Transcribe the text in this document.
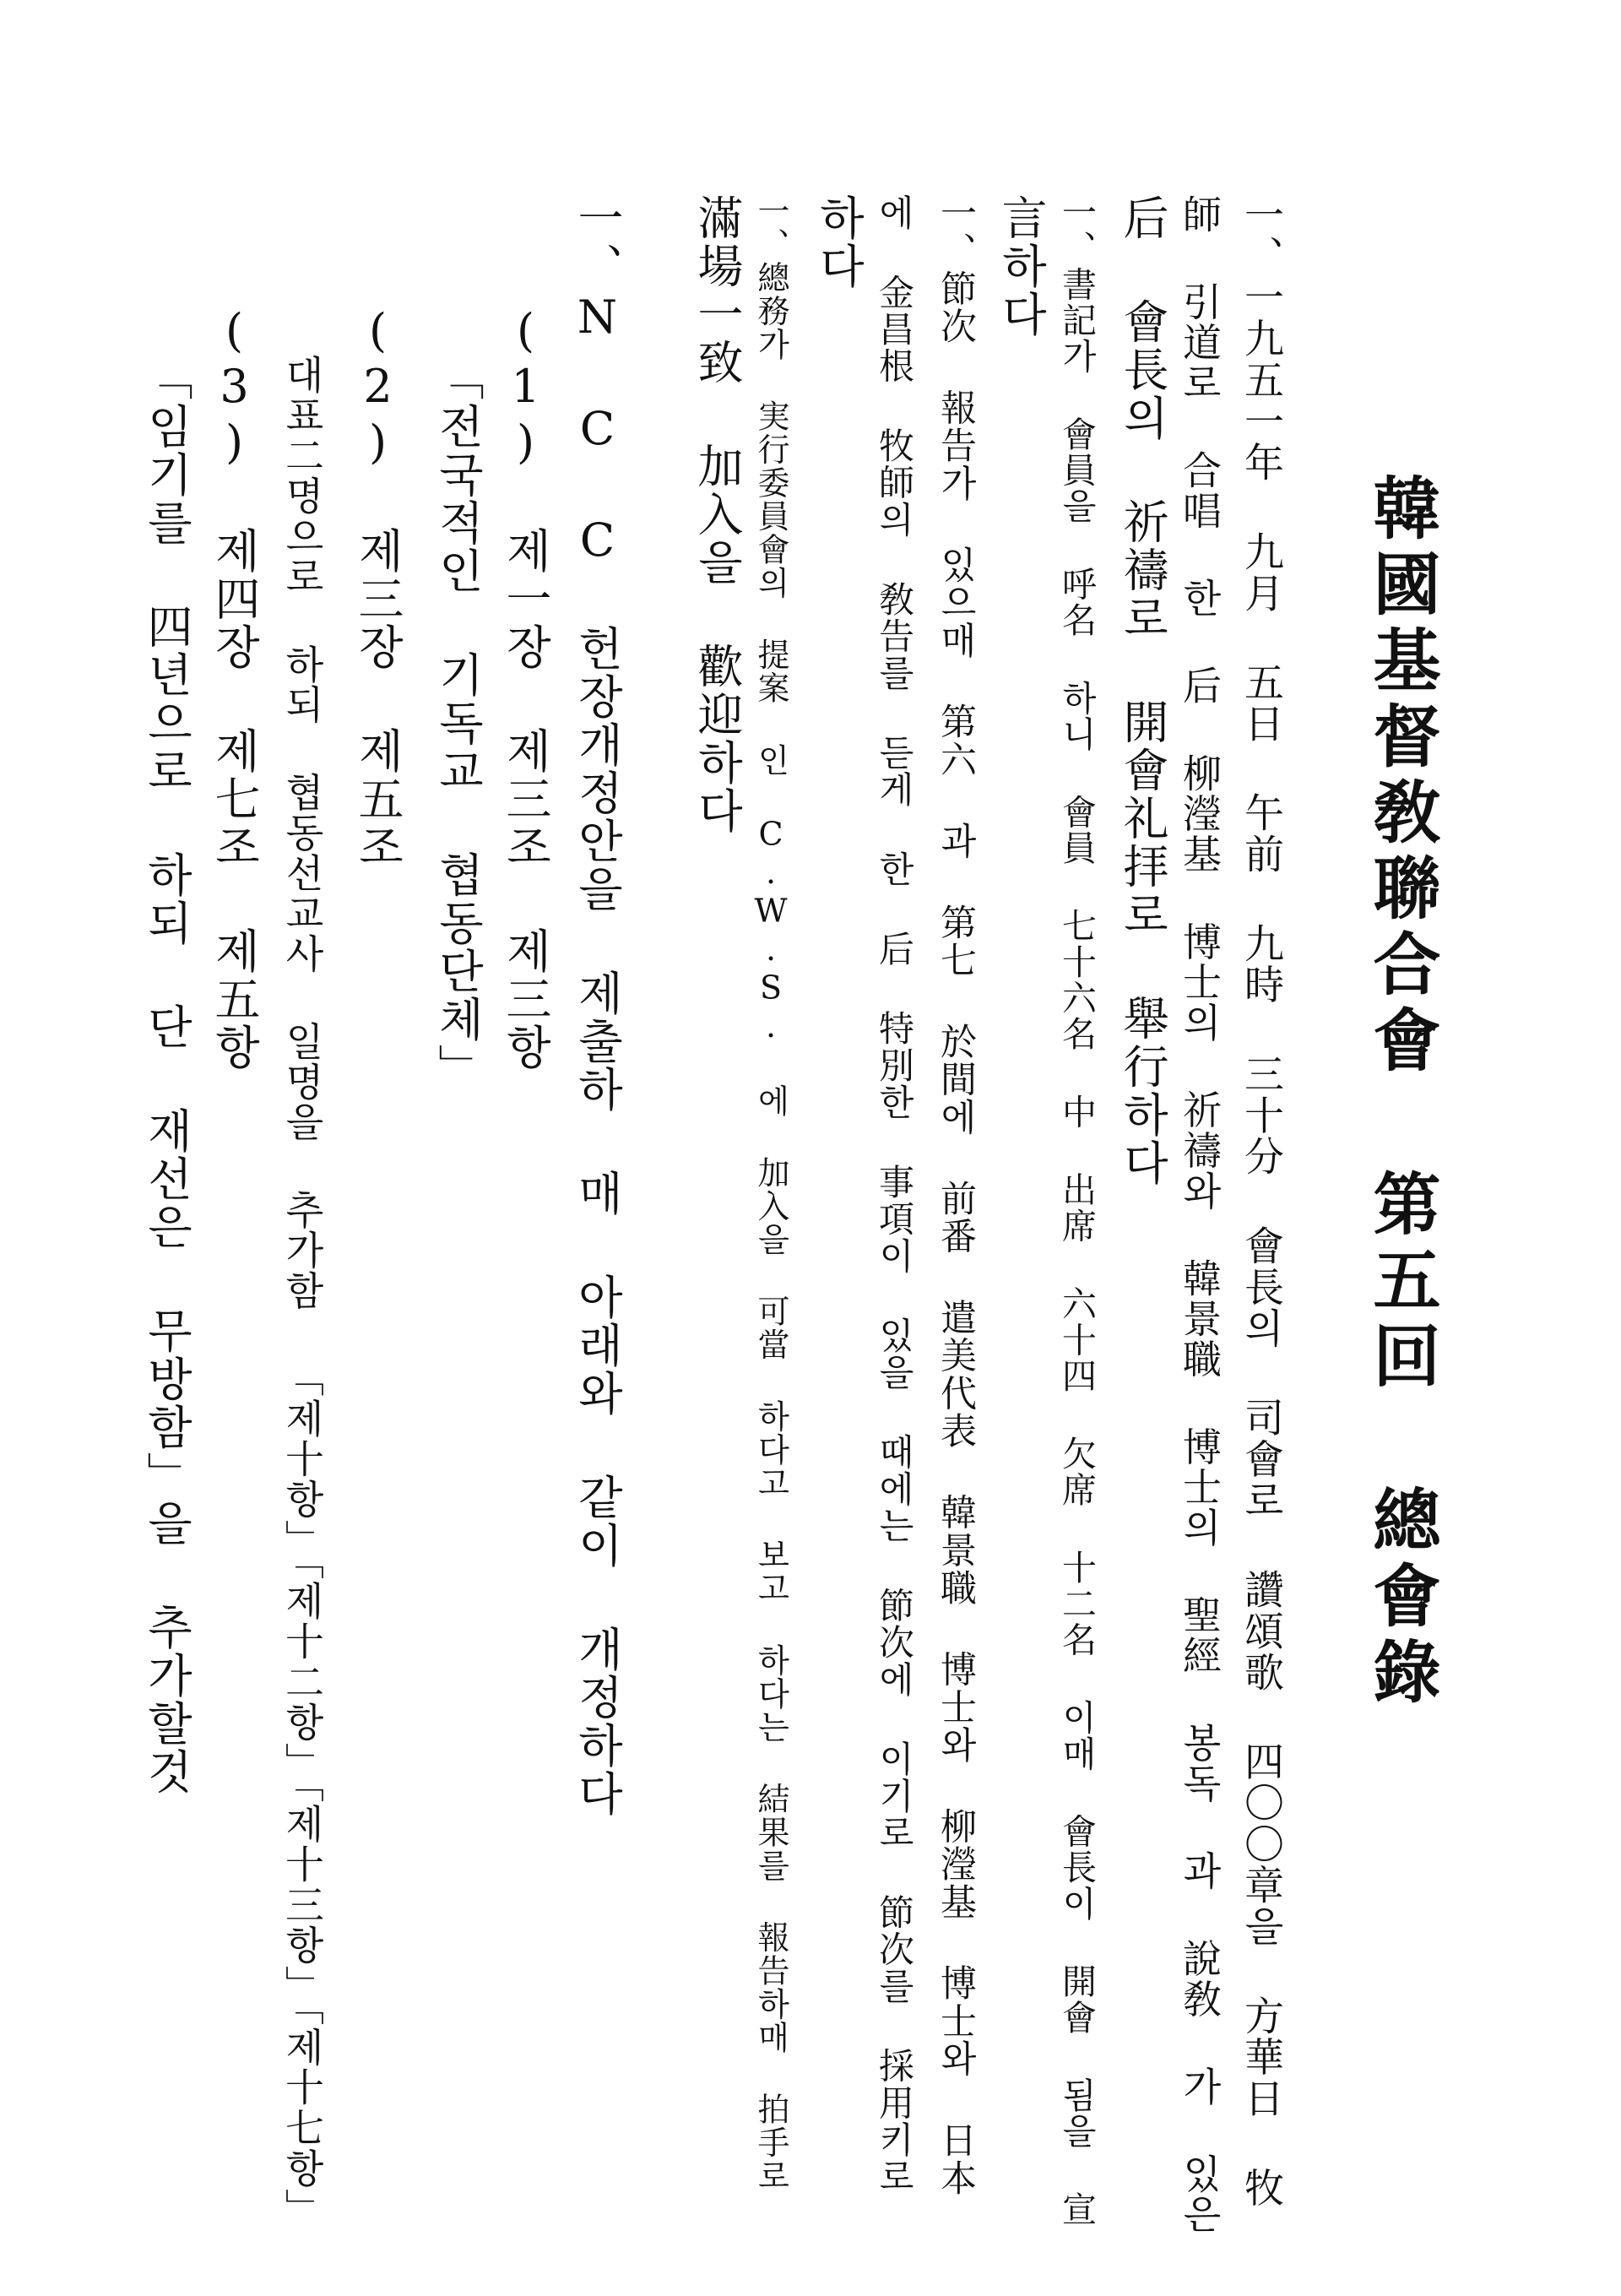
韓國基督敎聯合會 第五回 總會錄
一、一九五一年 九月 五日 午前 九時 三十分 會長의 司會로 讚頌歌 四〇〇章을 方華日 牧
師 引道로 合唱 한 后 柳瀅基 博士의 祈禱와 韓景職 博士의 聖經 봉독 과 說敎 가 있은
后 會長의 祈禱로 開會礼拝로 舉行하다
一、書記가 會員을 呼名 하니 會員 七十六名 中 出席 六十四 欠席 十二名 이매 會長이 開會 됨을 宣
言하다
一、節次 報告가 있으매 第六 과 第七 於間에 前番 遣美代表 韓景職 博士와 柳瀅基 博士와 日本
에 金昌根 牧師의 敎告를 듣게 한 后 特別한 事項이 있을 때에는 節次에 이기로 節次를 採用키로
하다
一、總務가 実行委員會의 提案 인 C.W.S. 에 加入을 可當 하다고 보고 하다는 結果를 報告하매 拍手로
滿場一致 加入을 歡迎하다
一、N C C 헌장개정안을 제출하 매 아래와 같이 개정하다
(1) 제一장 제三조 제三항
「전국적인 기독교 협동단체」
(2) 제三장 제五조
대표二명으로 하되 협동선교사 일명을 추가함 「제十항」「제十二항」「제十三항」「제十七항」
(3) 제四장 제七조 제五항
「임기를 四년으로 하되 단 재선은 무방함」을 추가할것
